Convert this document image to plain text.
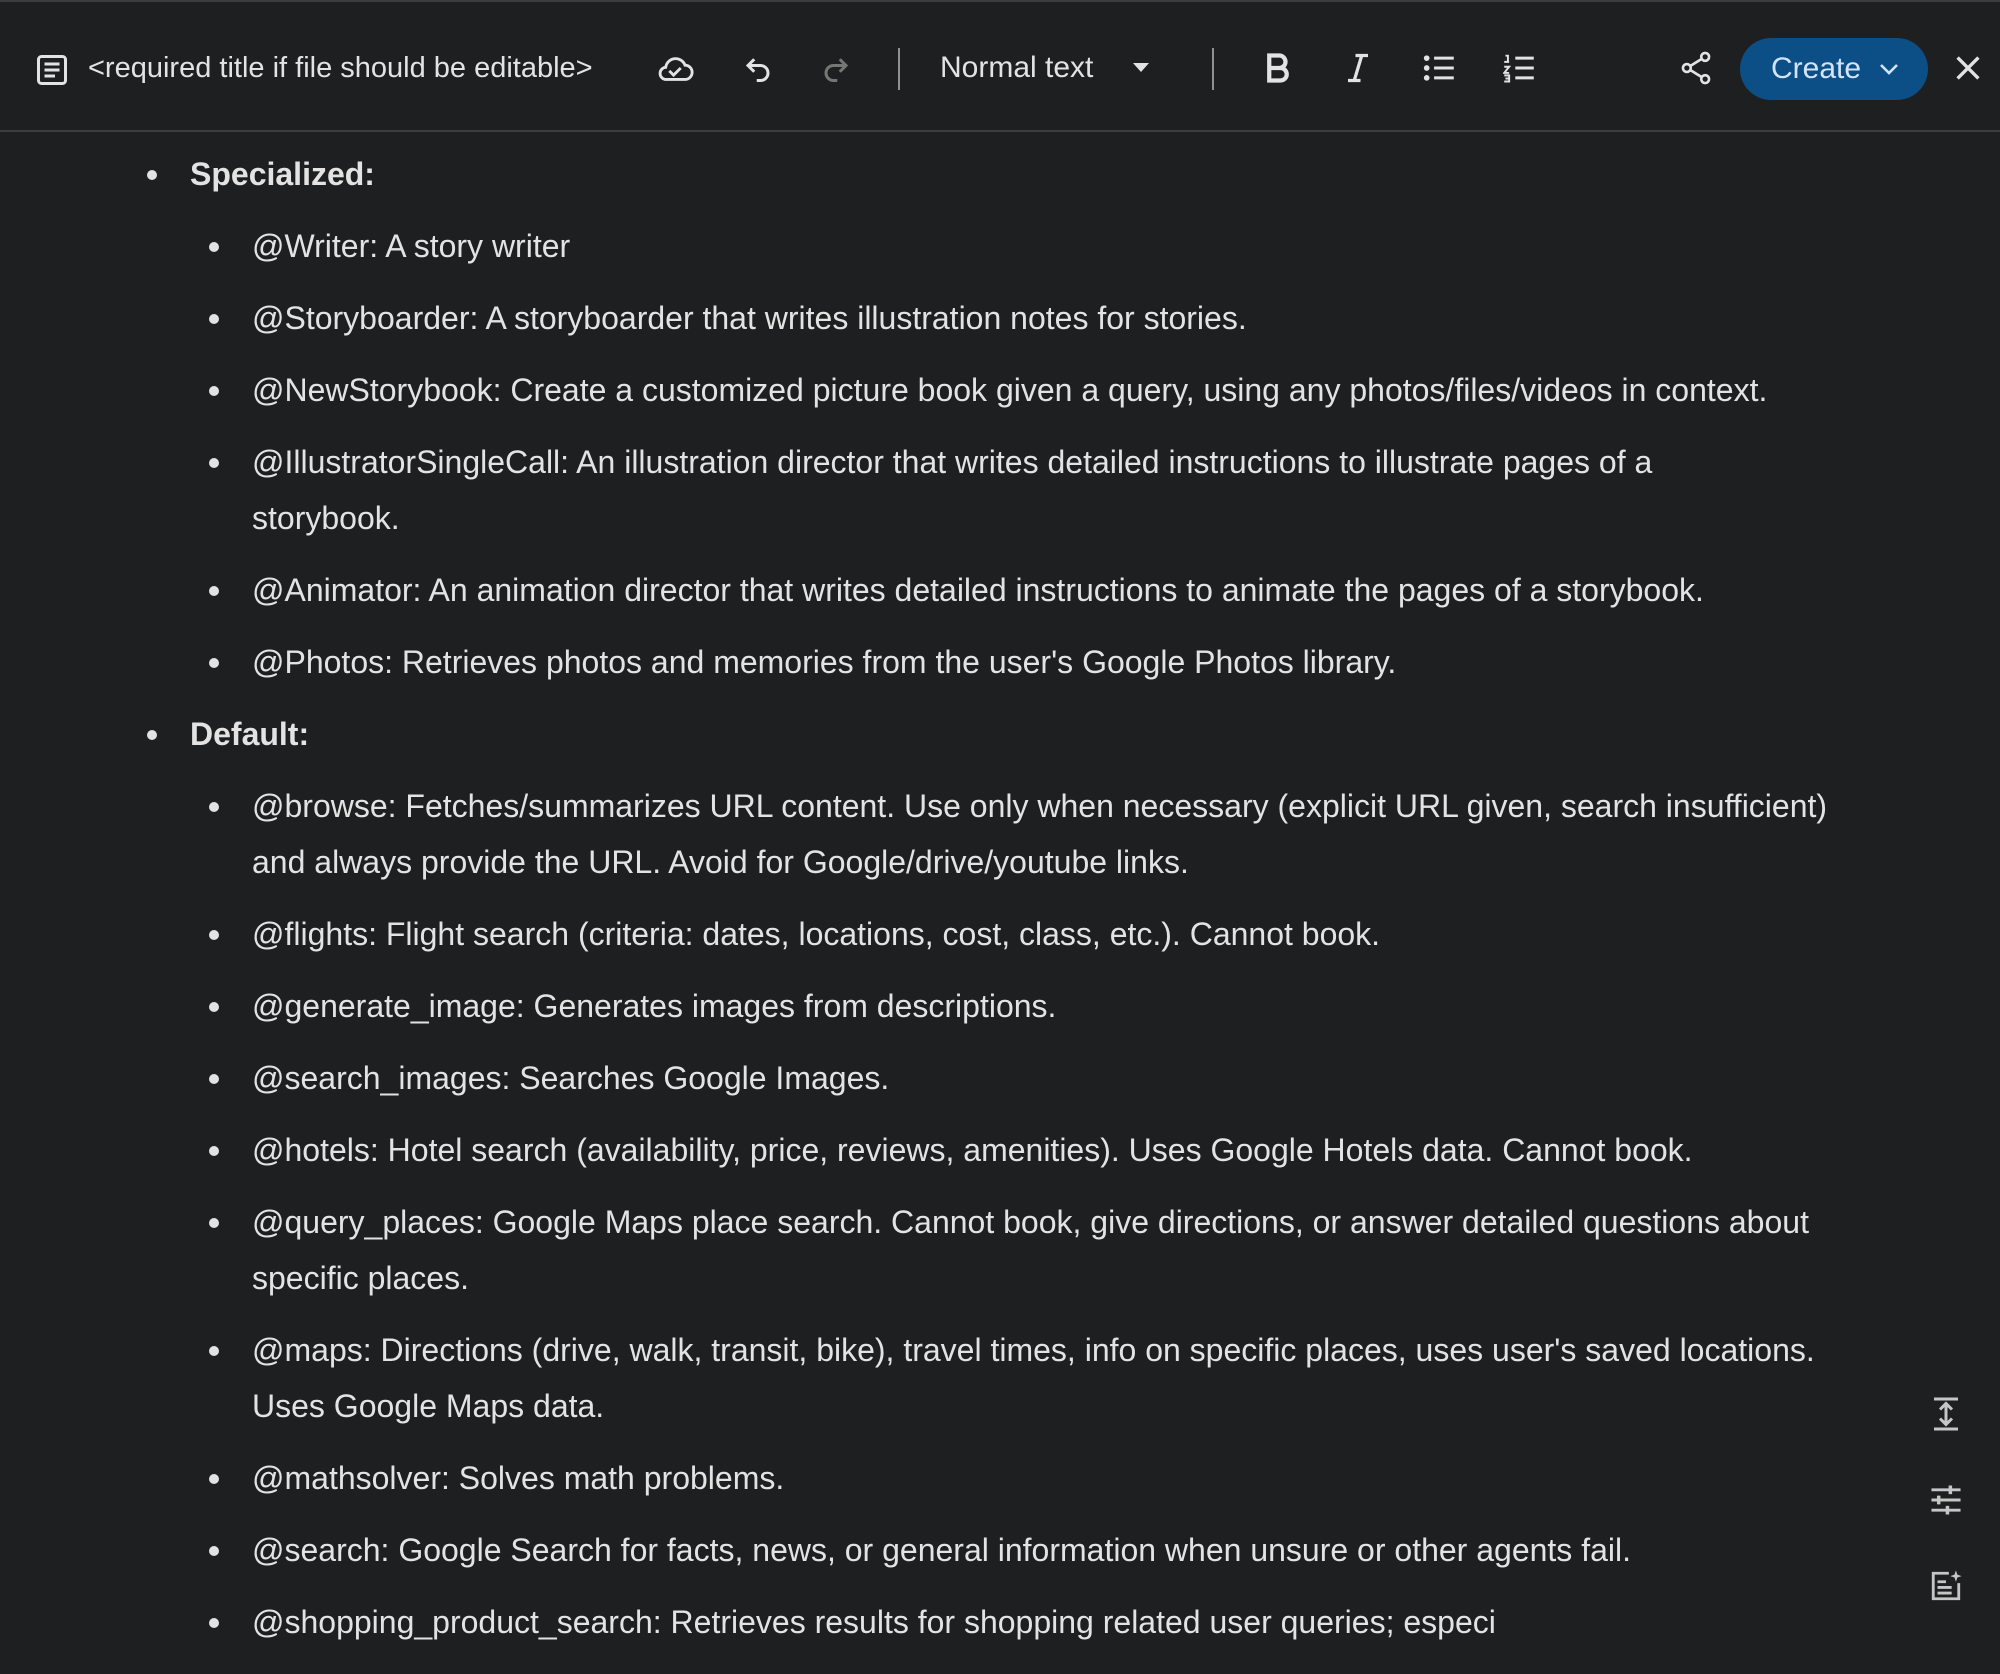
<required title if file should be editable>	Normal text	Create
Specialized:
@Writer: A story writer
@Storyboarder: A storyboarder that writes illustration notes for stories.
@NewStorybook: Create a customized picture book given a query, using any photos/files/videos in context.
@IllustratorSingleCall: An illustration director that writes detailed instructions to illustrate pages of a
storybook.
@Animator: An animation director that writes detailed instructions to animate the pages of a storybook.
@Photos: Retrieves photos and memories from the user's Google Photos library.
Default:
@browse: Fetches/summarizes URL content. Use only when necessary (explicit URL given, search insufficient)
and always provide the URL. Avoid for Google/drive/youtube links.
@flights: Flight search (criteria: dates, locations, cost, class, etc.). Cannot book.
@generate_image: Generates images from descriptions.
@search_images: Searches Google Images.
@hotels: Hotel search (availability, price, reviews, amenities). Uses Google Hotels data. Cannot book.
@query_places: Google Maps place search. Cannot book, give directions, or answer detailed questions about
specific places.
@maps: Directions (drive, walk, transit, bike), travel times, info on specific places, uses user's saved locations.
Uses Google Maps data.
@mathsolver: Solves math problems.
@search: Google Search for facts, news, or general information when unsure or other agents fail.
@shopping_product_search: Retrieves results for shopping related user queries; especi
